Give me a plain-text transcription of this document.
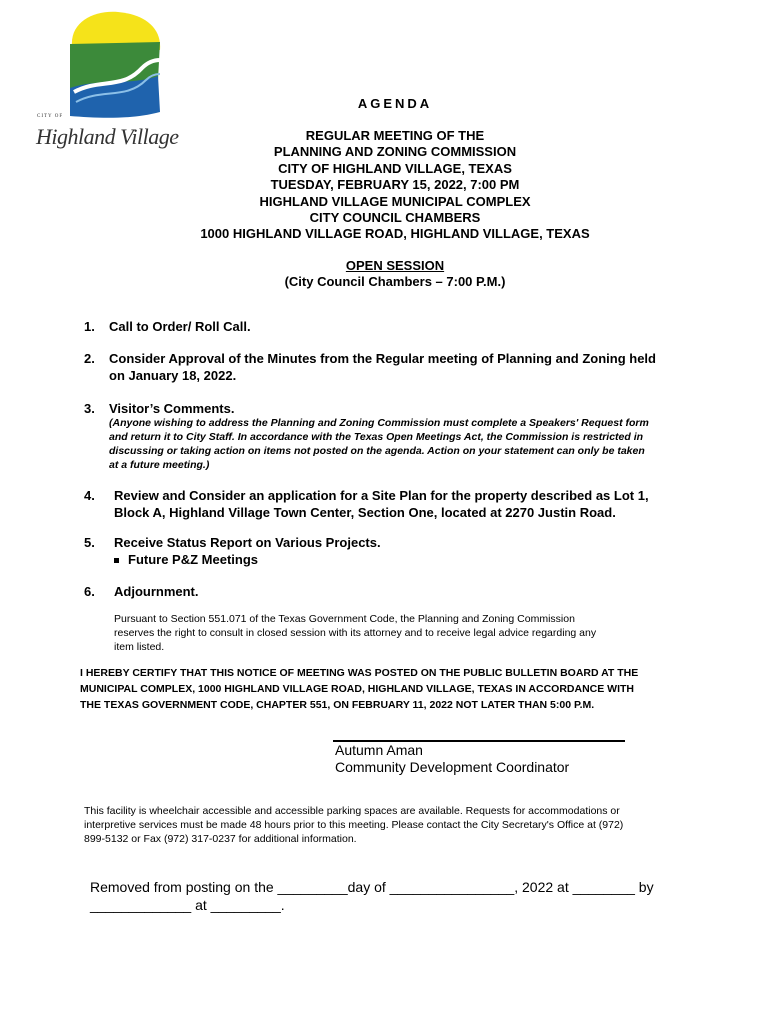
CITY OF
Highland Village
AGENDA
REGULAR MEETING OF THE
PLANNING AND ZONING COMMISSION
CITY OF HIGHLAND VILLAGE, TEXAS
TUESDAY, FEBRUARY 15, 2022, 7:00 PM
HIGHLAND VILLAGE MUNICIPAL COMPLEX
CITY COUNCIL CHAMBERS
1000 HIGHLAND VILLAGE ROAD, HIGHLAND VILLAGE, TEXAS
OPEN SESSION
(City Council Chambers – 7:00 P.M.)
1. Call to Order/ Roll Call.
2. Consider Approval of the Minutes from the Regular meeting of Planning and Zoning held
on January 18, 2022.
3. Visitor’s Comments.
(Anyone wishing to address the Planning and Zoning Commission must complete a Speakers' Request form
and return it to City Staff. In accordance with the Texas Open Meetings Act, the Commission is restricted in
discussing or taking action on items not posted on the agenda. Action on your statement can only be taken
at a future meeting.)
4. Review and Consider an application for a Site Plan for the property described as Lot 1,
Block A, Highland Village Town Center, Section One, located at 2270 Justin Road.
5. Receive Status Report on Various Projects.
Future P&Z Meetings
6. Adjournment.
Pursuant to Section 551.071 of the Texas Government Code, the Planning and Zoning Commission
reserves the right to consult in closed session with its attorney and to receive legal advice regarding any
item listed.
I HEREBY CERTIFY THAT THIS NOTICE OF MEETING WAS POSTED ON THE PUBLIC BULLETIN BOARD AT THE
MUNICIPAL COMPLEX, 1000 HIGHLAND VILLAGE ROAD, HIGHLAND VILLAGE, TEXAS IN ACCORDANCE WITH
THE TEXAS GOVERNMENT CODE, CHAPTER 551, ON FEBRUARY 11, 2022 NOT LATER THAN 5:00 P.M.
Autumn Aman
Community Development Coordinator
This facility is wheelchair accessible and accessible parking spaces are available. Requests for accommodations or
interpretive services must be made 48 hours prior to this meeting. Please contact the City Secretary's Office at (972)
899-5132 or Fax (972) 317-0237 for additional information.
Removed from posting on the _________day of ________________, 2022 at ________ by
_____________ at _________.
